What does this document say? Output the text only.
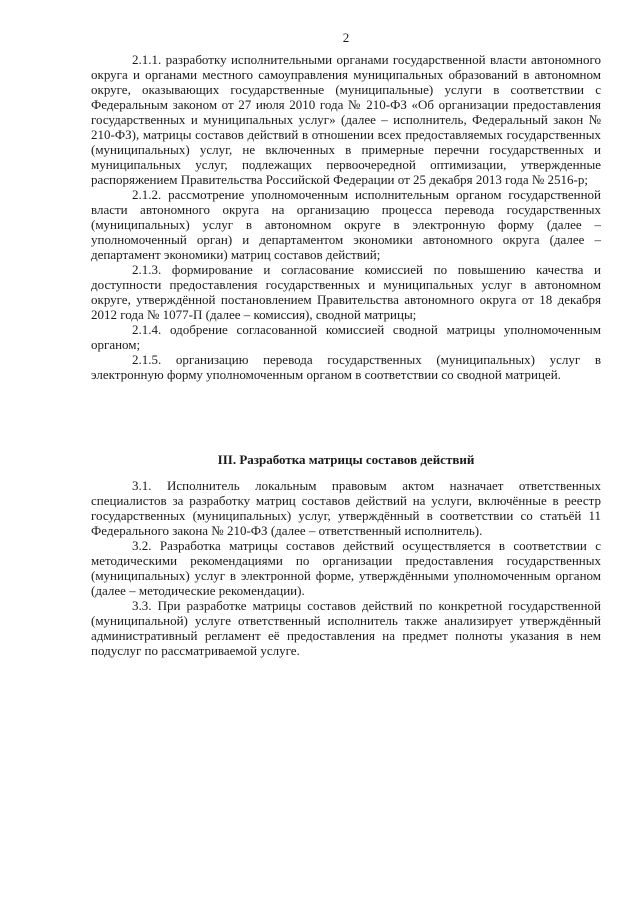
2

2.1.1. разработку исполнительными органами государственной власти автономного округа и органами местного самоуправления муниципальных образований в автономном округе, оказывающих государственные (муниципальные) услуги в соответствии с Федеральным законом от 27 июля 2010 года № 210-ФЗ «Об организации предоставления государственных и муниципальных услуг» (далее – исполнитель, Федеральный закон № 210-ФЗ), матрицы составов действий в отношении всех предоставляемых государственных (муниципальных) услуг, не включенных в примерные перечни государственных и муниципальных услуг, подлежащих первоочередной оптимизации, утвержденные распоряжением Правительства Российской Федерации от 25 декабря 2013 года № 2516-р;

2.1.2. рассмотрение уполномоченным исполнительным органом государственной власти автономного округа на организацию процесса перевода государственных (муниципальных) услуг в автономном округе в электронную форму (далее – уполномоченный орган) и департаментом экономики автономного округа (далее – департамент экономики) матриц составов действий;

2.1.3. формирование и согласование комиссией по повышению качества и доступности предоставления государственных и муниципальных услуг в автономном округе, утверждённой постановлением Правительства автономного округа от 18 декабря 2012 года № 1077-П (далее – комиссия), сводной матрицы;

2.1.4. одобрение согласованной комиссией сводной матрицы уполномоченным органом;

2.1.5. организацию перевода государственных (муниципальных) услуг в электронную форму уполномоченным органом в соответствии со сводной матрицей.

III. Разработка матрицы составов действий

3.1. Исполнитель локальным правовым актом назначает ответственных специалистов за разработку матриц составов действий на услуги, включённые в реестр государственных (муниципальных) услуг, утверждённый в соответствии со статьёй 11 Федерального закона № 210-ФЗ (далее – ответственный исполнитель).

3.2. Разработка матрицы составов действий осуществляется в соответствии с методическими рекомендациями по организации предоставления государственных (муниципальных) услуг в электронной форме, утверждёнными уполномоченным органом (далее – методические рекомендации).

3.3. При разработке матрицы составов действий по конкретной государственной (муниципальной) услуге ответственный исполнитель также анализирует утверждённый административный регламент её предоставления на предмет полноты указания в нем подуслуг по рассматриваемой услуге.
